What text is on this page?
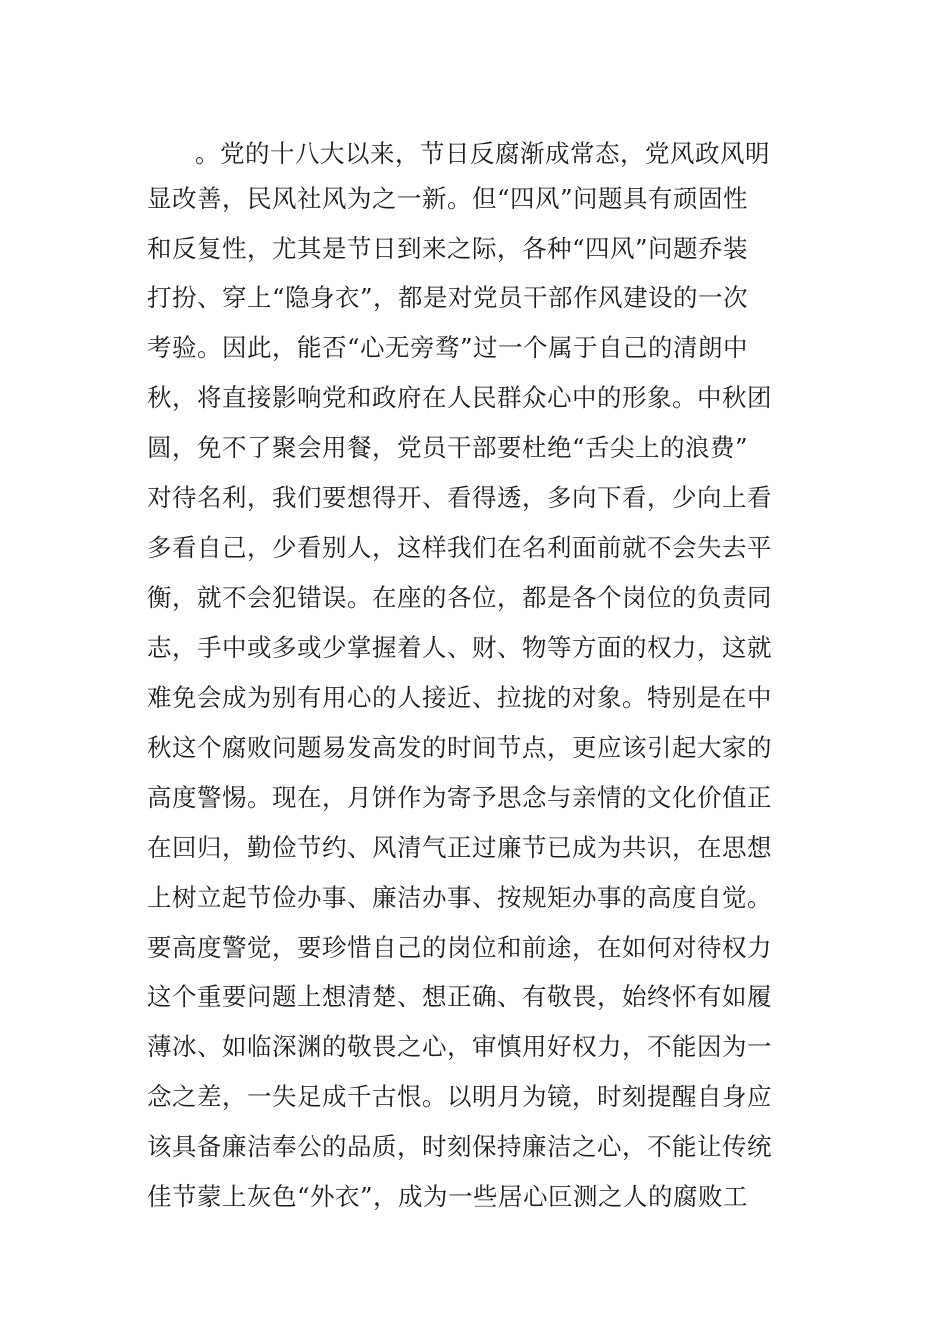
。党的十八大以来，节日反腐渐成常态，党风政风明
显改善，民风社风为之一新。但“四风”问题具有顽固性
和反复性，尤其是节日到来之际，各种“四风”问题乔装
打扮、穿上“隐身衣”，都是对党员干部作风建设的一次
考验。因此，能否“心无旁骛”过一个属于自己的清朗中
秋，将直接影响党和政府在人民群众心中的形象。中秋团
圆，免不了聚会用餐，党员干部要杜绝“舌尖上的浪费”
对待名利，我们要想得开、看得透，多向下看，少向上看
多看自己，少看别人，这样我们在名利面前就不会失去平
衡，就不会犯错误。在座的各位，都是各个岗位的负责同
志，手中或多或少掌握着人、财、物等方面的权力，这就
难免会成为别有用心的人接近、拉拢的对象。特别是在中
秋这个腐败问题易发高发的时间节点，更应该引起大家的
高度警惕。现在，月饼作为寄予思念与亲情的文化价值正
在回归，勤俭节约、风清气正过廉节已成为共识，在思想
上树立起节俭办事、廉洁办事、按规矩办事的高度自觉。
要高度警觉，要珍惜自己的岗位和前途，在如何对待权力
这个重要问题上想清楚、想正确、有敬畏，始终怀有如履
薄冰、如临深渊的敬畏之心，审慎用好权力，不能因为一
念之差，一失足成千古恨。以明月为镜，时刻提醒自身应
该具备廉洁奉公的品质，时刻保持廉洁之心，不能让传统
佳节蒙上灰色“外衣”，成为一些居心叵测之人的腐败工
